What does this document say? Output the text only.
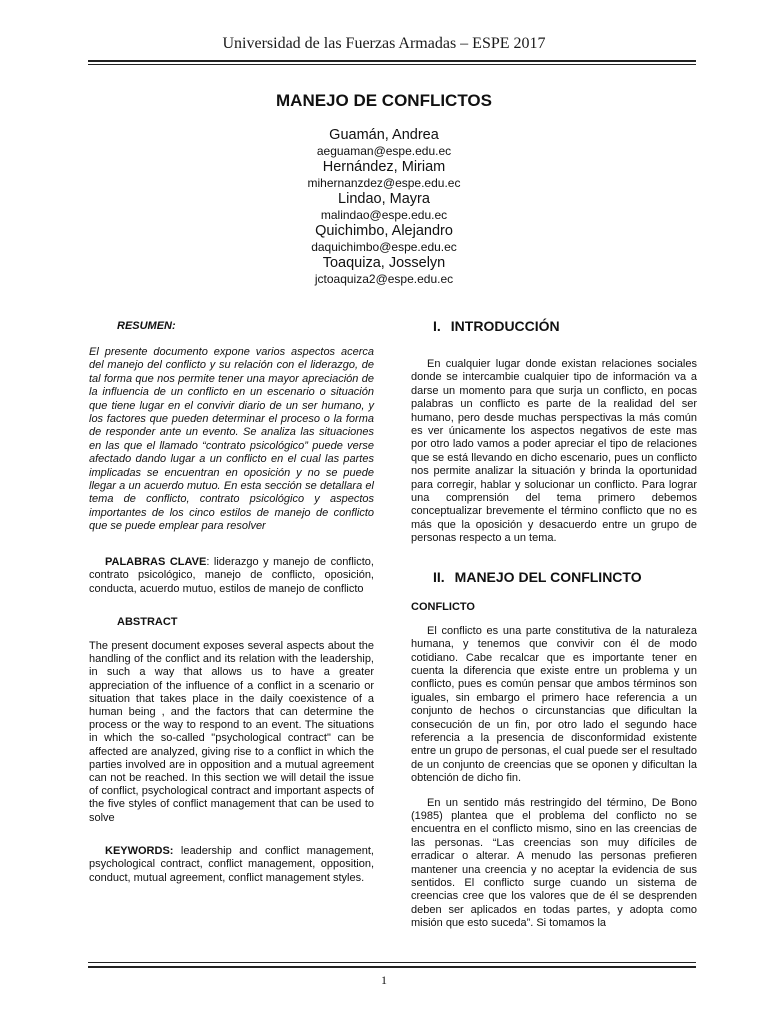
Universidad de las Fuerzas Armadas – ESPE 2017
MANEJO DE CONFLICTOS
Guamán, Andrea
aeguaman@espe.edu.ec
Hernández, Miriam
mihernanzdez@espe.edu.ec
Lindao, Mayra
malindao@espe.edu.ec
Quichimbo, Alejandro
daquichimbo@espe.edu.ec
Toaquiza, Josselyn
jctoaquiza2@espe.edu.ec

RESUMEN:

El presente documento expone varios aspectos acerca del manejo del conflicto y su relación con el liderazgo, de tal forma que nos permite tener una mayor apreciación de la influencia de un conflicto en un escenario o situación que tiene lugar en el convivir diario de un ser humano, y los factores que pueden determinar el proceso o la forma de responder ante un evento. Se analiza las situaciones en las que el llamado “contrato psicológico” puede verse afectado dando lugar a un conflicto en el cual las partes implicadas se encuentran en oposición y no se puede llegar a un acuerdo mutuo. En esta sección se detallara el tema de conflicto, contrato psicológico y aspectos importantes de los cinco estilos de manejo de conflicto que se puede emplear para resolver

PALABRAS CLAVE: liderazgo y manejo de conflicto, contrato psicológico, manejo de conflicto, oposición, conducta, acuerdo mutuo, estilos de manejo de conflicto

ABSTRACT

The present document exposes several aspects about the handling of the conflict and its relation with the leadership, in such a way that allows us to have a greater appreciation of the influence of a conflict in a scenario or situation that takes place in the daily coexistence of a human being , and the factors that can determine the process or the way to respond to an event. The situations in which the so-called "psychological contract" can be affected are analyzed, giving rise to a conflict in which the parties involved are in opposition and a mutual agreement can not be reached. In this section we will detail the issue of conflict, psychological contract and important aspects of the five styles of conflict management that can be used to solve

KEYWORDS: leadership and conflict management, psychological contract, conflict management, opposition, conduct, mutual agreement, conflict management styles.

I. INTRODUCCIÓN

En cualquier lugar donde existan relaciones sociales donde se intercambie cualquier tipo de información va a darse un momento para que surja un conflicto, en pocas palabras un conflicto es parte de la realidad del ser humano, pero desde muchas perspectivas la más común es ver únicamente los aspectos negativos de este mas por otro lado vamos a poder apreciar el tipo de relaciones que se está llevando en dicho escenario, pues un conflicto nos permite analizar la situación y brinda la oportunidad para corregir, hablar y solucionar un conflicto. Para lograr una comprensión del tema primero debemos conceptualizar brevemente el término conflicto que no es más que la oposición y desacuerdo entre un grupo de personas respecto a un tema.

II. MANEJO DEL CONFLINCTO

CONFLICTO

El conflicto es una parte constitutiva de la naturaleza humana, y tenemos que convivir con él de modo cotidiano. Cabe recalcar que es importante tener en cuenta la diferencia que existe entre un problema y un conflicto, pues es común pensar que ambos términos son iguales, sin embargo el primero hace referencia a un conjunto de hechos o circunstancias que dificultan la consecución de un fin, por otro lado el segundo hace referencia a la presencia de disconformidad existente entre un grupo de personas, el cual puede ser el resultado de un conjunto de creencias que se oponen y dificultan la obtención de dicho fin.

En un sentido más restringido del término, De Bono (1985) plantea que el problema del conflicto no se encuentra en el conflicto mismo, sino en las creencias de las personas. “Las creencias son muy difíciles de erradicar o alterar. A menudo las personas prefieren mantener una creencia y no aceptar la evidencia de sus sentidos. El conflicto surge cuando un sistema de creencias cree que los valores que de él se desprenden deben ser aplicados en todas partes, y adopta como misión que esto suceda”. Si tomamos la

1
